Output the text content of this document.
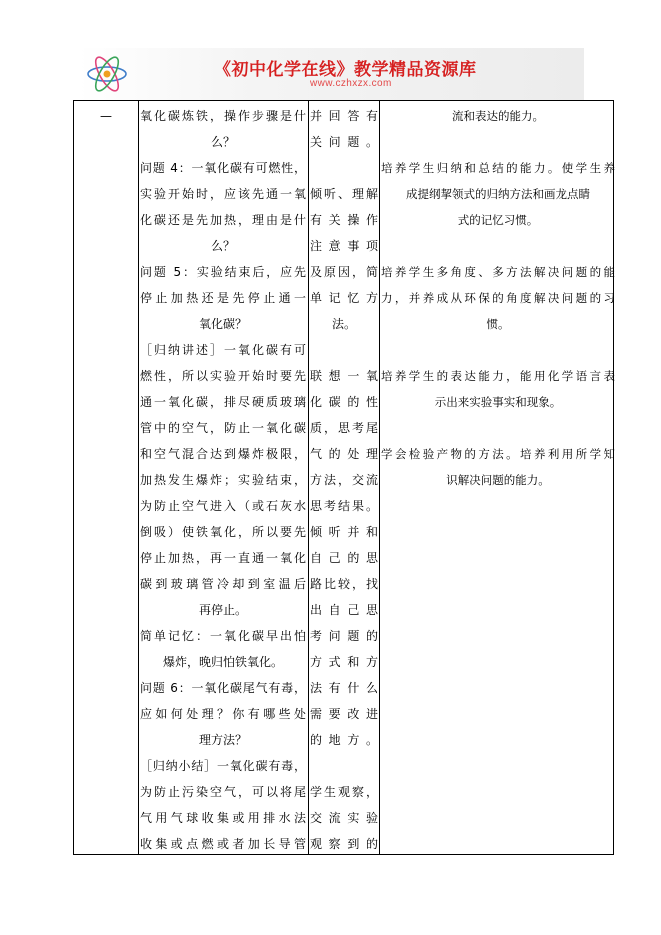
《初中化学在线》教学精品资源库
www.czhxzx.com
—	氧化碳炼铁，操作步骤是什
么？
问题 4：一氧化碳有可燃性，
实验开始时，应该先通一氧
化碳还是先加热，理由是什
么？
问题 5：实验结束后，应先
停止加热还是先停止通一
氧化碳？
［归纳讲述］一氧化碳有可
燃性，所以实验开始时要先
通一氧化碳，排尽硬质玻璃
管中的空气，防止一氧化碳
和空气混合达到爆炸极限，
加热发生爆炸；实验结束，
为防止空气进入（或石灰水
倒吸）使铁氧化，所以要先
停止加热，再一直通一氧化
碳到玻璃管冷却到室温后
再停止。
简单记忆：一氧化碳早出怕
爆炸，晚归怕铁氧化。
问题 6：一氧化碳尾气有毒，
应如何处理？你有哪些处
理方法？
［归纳小结］一氧化碳有毒，
为防止污染空气，可以将尾
气用气球收集或用排水法
收集或点燃或者加长导管
并回答有
关问题。
倾听、理解
有关操作
注意事项
及原因，简
单记忆方
法。
联想一氧
化碳的性
质，思考尾
气的处理
方法，交流
思考结果。
倾听并和
自己的思
路比较，找
出自己思
考问题的
方式和方
法有什么
需要改进
的地方。
学生观察，
交流实验
观察到的
流和表达的能力。
培养学生归纳和总结的能力。使学生养
成提纲挈领式的归纳方法和画龙点睛
式的记忆习惯。
培养学生多角度、多方法解决问题的能
力，并养成从环保的角度解决问题的习
惯。
培养学生的表达能力，能用化学语言表
示出来实验事实和现象。
学会检验产物的方法。培养利用所学知
识解决问题的能力。
